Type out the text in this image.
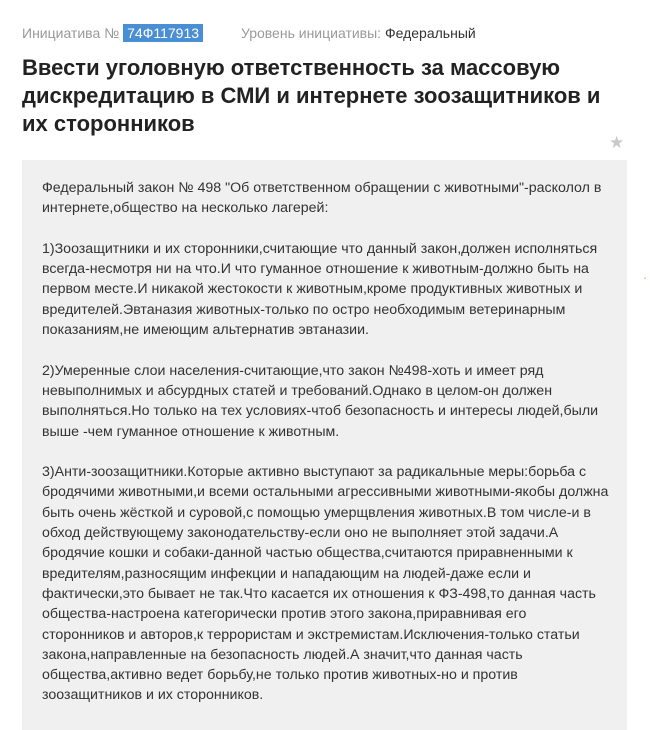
Инициатива № 74Ф117913	Уровень инициативы: Федеральный
Ввести уголовную ответственность за массовую дискредитацию в СМИ и интернете зоозащитников и их сторонников
★
ʻ

Федеральный закон № 498 "Об ответственном обращении с животными"-расколол в интернете,общество на несколько лагерей:

1)Зоозащитники и их сторонники,считающие что данный закон,должен исполняться всегда-несмотря ни на что.И что гуманное отношение к животным-должно быть на первом месте.И никакой жестокости к животным,кроме продуктивных животных и вредителей.Эвтаназия животных-только по остро необходимым ветеринарным показаниям,не имеющим альтернатив эвтаназии.

2)Умеренные слои населения-считающие,что закон №498-хоть и имеет ряд невыполнимых и абсурдных статей и требований.Однако в целом-он должен выполняться.Но только на тех условиях-чтоб безопасность и интересы людей,были выше -чем гуманное отношение к животным.

3)Анти-зоозащитники.Которые активно выступают за радикальные меры:борьба с бродячими животными,и всеми остальными агрессивными животными-якобы должна быть очень жёсткой и суровой,с помощью умерщвления животных.В том числе-и в обход действующему законодательству-если оно не выполняет этой задачи.А бродячие кошки и собаки-данной частью общества,считаются приравненными к вредителям,разносящим инфекции и нападающим на людей-даже если и фактически,это бывает не так.Что касается их отношения к ФЗ-498,то данная часть общества-настроена категорически против этого закона,приравнивая его сторонников и авторов,к террористам и экстремистам.Исключения-только статьи закона,направленные на безопасность людей.А значит,что данная часть общества,активно ведет борьбу,не только против животных-но и против зоозащитников и их сторонников.
